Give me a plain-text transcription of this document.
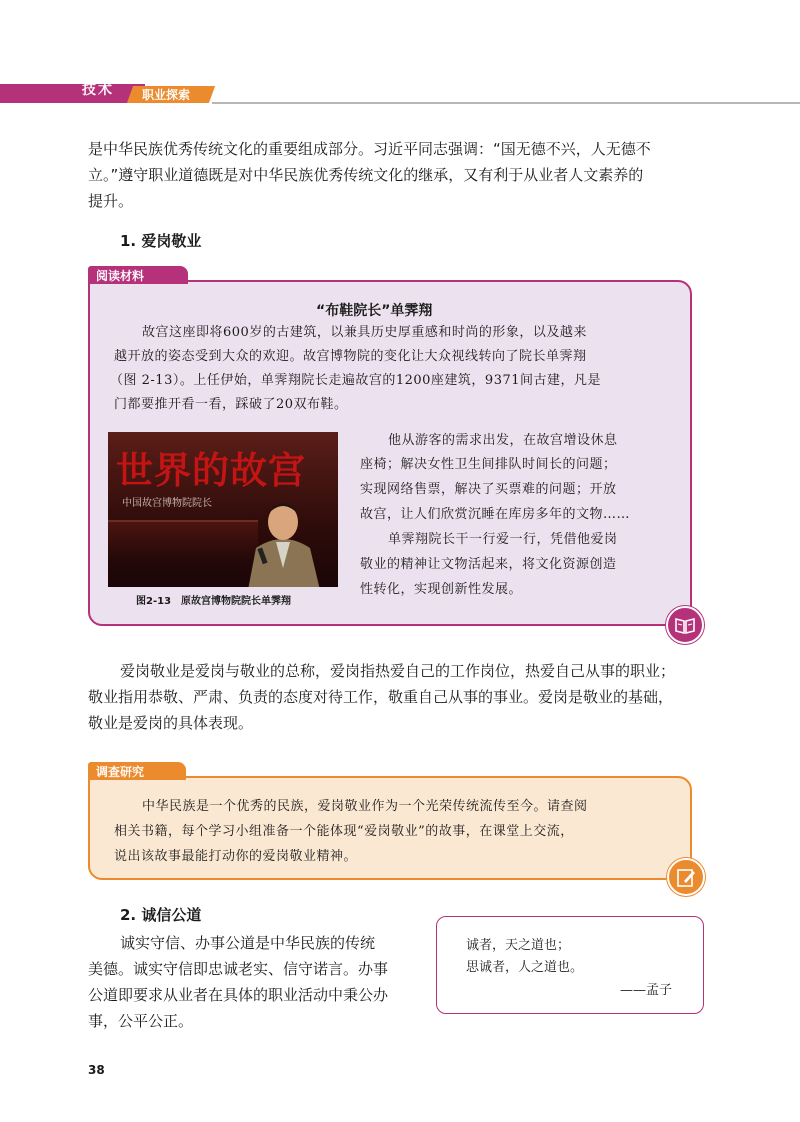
技术 职业探索
是中华民族优秀传统文化的重要组成部分。习近平同志强调：“国无德不兴，人无德不
立。”遵守职业道德既是对中华民族优秀传统文化的继承，又有利于从业者人文素养的
提升。
1. 爱岗敬业
阅读材料
“布鞋院长”单霁翔
故宫这座即将600岁的古建筑，以兼具历史厚重感和时尚的形象，以及越来
越开放的姿态受到大众的欢迎。故宫博物院的变化让大众视线转向了院长单霁翔
（图 2-13）。上任伊始，单霁翔院长走遍故宫的1200座建筑，9371间古建，凡是
门都要推开看一看，踩破了20双布鞋。
他从游客的需求出发，在故宫增设休息
座椅；解决女性卫生间排队时间长的问题；
实现网络售票，解决了买票难的问题；开放
故宫，让人们欣赏沉睡在库房多年的文物……
单霁翔院长干一行爱一行，凭借他爱岗
敬业的精神让文物活起来，将文化资源创造
性转化，实现创新性发展。
世界的故宫
中国故宫博物院院长
图2-13　原故宫博物院院长单霁翔
爱岗敬业是爱岗与敬业的总称，爱岗指热爱自己的工作岗位，热爱自己从事的职业；
敬业指用恭敬、严肃、负责的态度对待工作，敬重自己从事的事业。爱岗是敬业的基础，
敬业是爱岗的具体表现。
调查研究
中华民族是一个优秀的民族，爱岗敬业作为一个光荣传统流传至今。请查阅
相关书籍，每个学习小组准备一个能体现“爱岗敬业”的故事，在课堂上交流，
说出该故事最能打动你的爱岗敬业精神。
2. 诚信公道
诚实守信、办事公道是中华民族的传统
美德。诚实守信即忠诚老实、信守诺言。办事
公道即要求从业者在具体的职业活动中秉公办
事，公平公正。
诚者，天之道也；
思诚者，人之道也。
——孟子
38
